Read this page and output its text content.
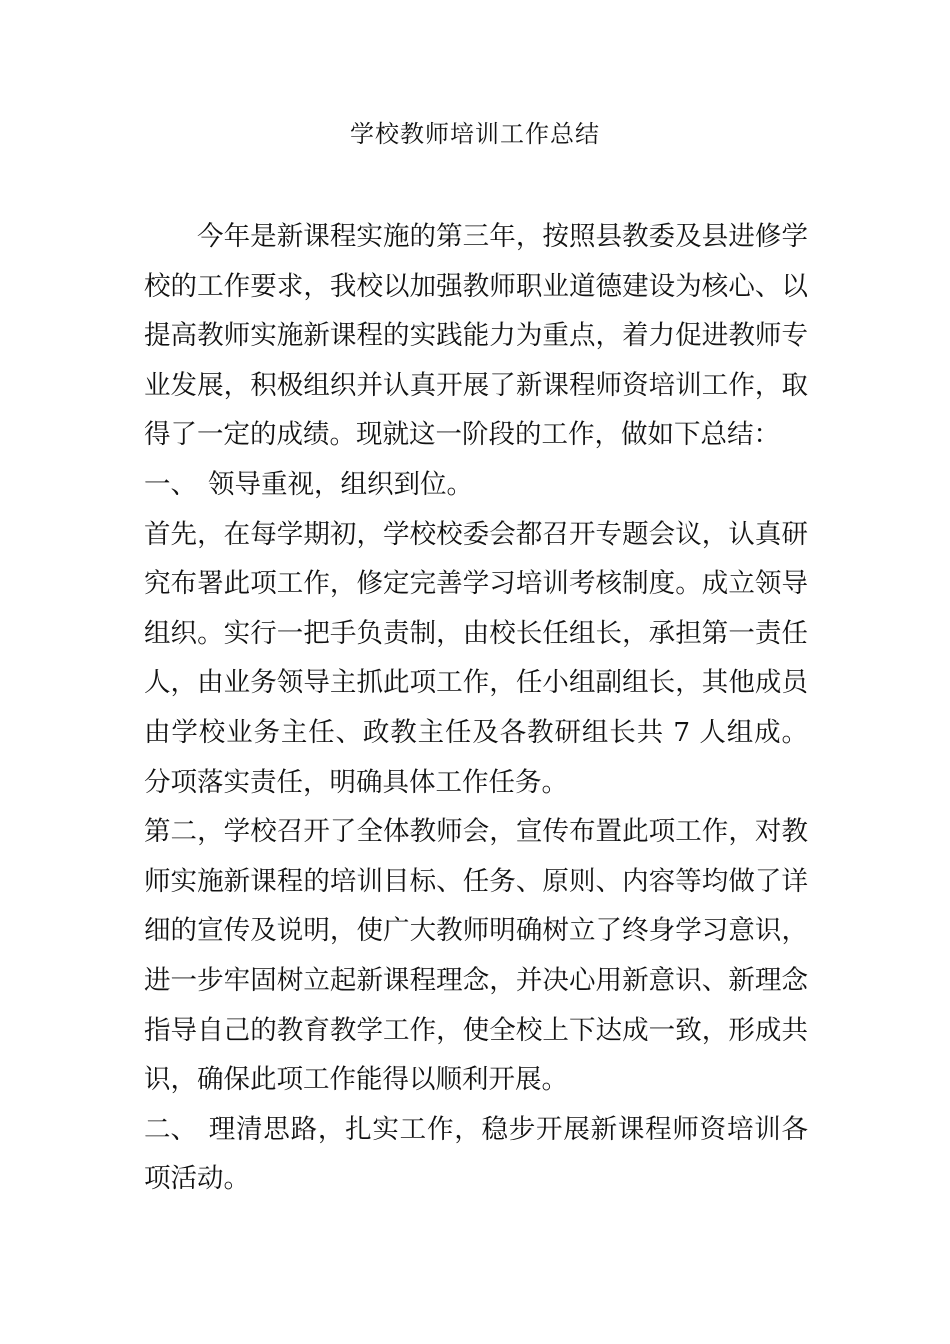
学校教师培训工作总结

今年是新课程实施的第三年，按照县教委及县进修学校的工作要求，我校以加强教师职业道德建设为核心、以提高教师实施新课程的实践能力为重点，着力促进教师专业发展，积极组织并认真开展了新课程师资培训工作，取得了一定的成绩。现就这一阶段的工作，做如下总结：

一、 领导重视，组织到位。

首先，在每学期初，学校校委会都召开专题会议，认真研究布署此项工作，修定完善学习培训考核制度。成立领导组织。实行一把手负责制，由校长任组长，承担第一责任人，由业务领导主抓此项工作，任小组副组长，其他成员由学校业务主任、政教主任及各教研组长共 7 人组成。分项落实责任，明确具体工作任务。

第二，学校召开了全体教师会，宣传布置此项工作，对教师实施新课程的培训目标、任务、原则、内容等均做了详细的宣传及说明，使广大教师明确树立了终身学习意识，进一步牢固树立起新课程理念，并决心用新意识、新理念指导自己的教育教学工作，使全校上下达成一致，形成共识，确保此项工作能得以顺利开展。

二、 理清思路，扎实工作，稳步开展新课程师资培训各项活动。
